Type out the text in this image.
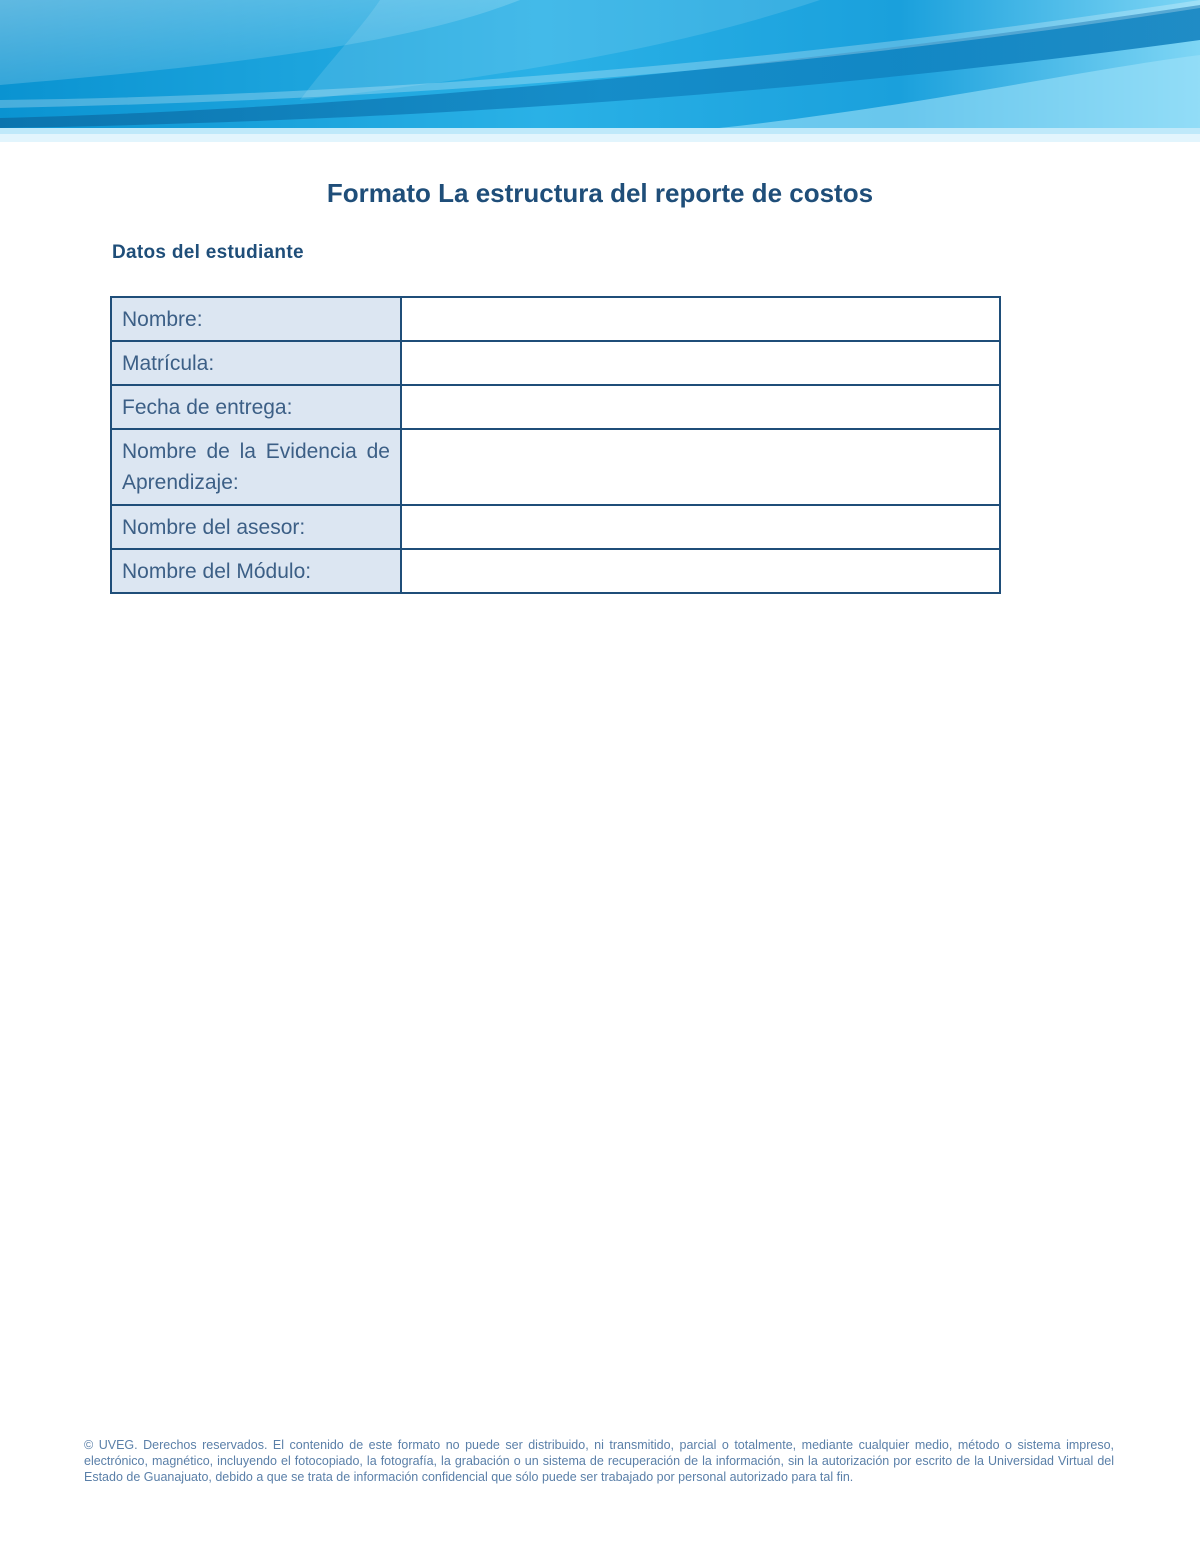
Formato La estructura del reporte de costos
Datos del estudiante
Nombre:	
Matrícula:	
Fecha de entrega:	
Nombre de la Evidencia de Aprendizaje:	
Nombre del asesor:	
Nombre del Módulo:	

© UVEG. Derechos reservados. El contenido de este formato no puede ser distribuido, ni transmitido, parcial o totalmente, mediante cualquier medio, método o sistema impreso, electrónico, magnético, incluyendo el fotocopiado, la fotografía, la grabación o un sistema de recuperación de la información, sin la autorización por escrito de la Universidad Virtual del Estado de Guanajuato, debido a que se trata de información confidencial que sólo puede ser trabajado por personal autorizado para tal fin.
